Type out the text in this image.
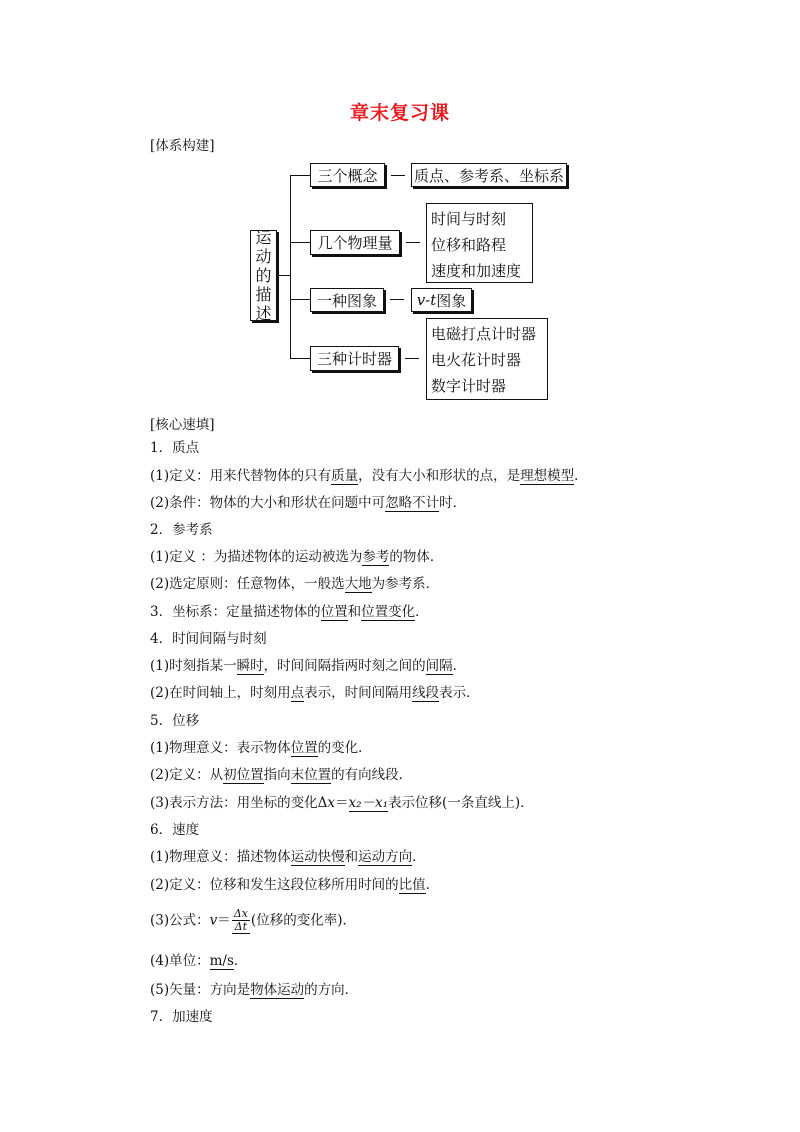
章末复习课
[体系构建]
运
动
的
描
述
三个概念	质点、参考系、坐标系
几个物理量
时间与时刻
位移和路程
速度和加速度
一种图象	v-t 图象
三种计时器
电磁打点计时器
电火花计时器
数字计时器
[核心速填]
1．质点
(1)定义：用来代替物体的只有质量，没有大小和形状的点，是理想模型．
(2)条件：物体的大小和形状在问题中可忽略不计时．
2．参考系
(1)定义 ：为描述物体的运动被选为参考的物体．
(2)选定原则：任意物体，一般选大地为参考系．
3．坐标系：定量描述物体的位置和位置变化．
4．时间间隔与时刻
(1)时刻指某一瞬时，时间间隔指两时刻之间的间隔．
(2)在时间轴上，时刻用点表示，时间间隔用线段表示．
5．位移
(1)物理意义：表示物体位置的变化．
(2)定义：从初位置指向末位置的有向线段．
(3)表示方法：用坐标的变化Δx＝x₂－x₁表示位移(一条直线上)．
6．速度
(1)物理意义：描述物体运动快慢和运动方向．
(2)定义：位移和发生这段位移所用时间的比值．
(3)公式：$v= \frac{\Delta x}{\Delta t}$ (位移的变化率)．
(4)单位：m/s．
(5)矢量：方向是物体运动的方向．
7．加速度
